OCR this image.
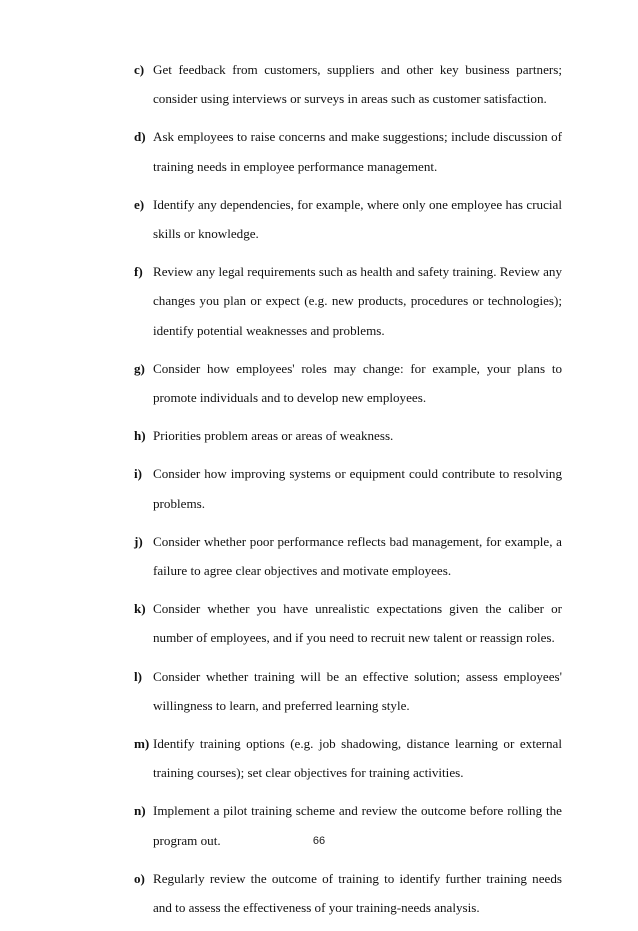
c) Get feedback from customers, suppliers and other key business partners; consider using interviews or surveys in areas such as customer satisfaction.
d) Ask employees to raise concerns and make suggestions; include discussion of training needs in employee performance management.
e) Identify any dependencies, for example, where only one employee has crucial skills or knowledge.
f) Review any legal requirements such as health and safety training. Review any changes you plan or expect (e.g. new products, procedures or technologies); identify potential weaknesses and problems.
g) Consider how employees' roles may change: for example, your plans to promote individuals and to develop new employees.
h) Priorities problem areas or areas of weakness.
i) Consider how improving systems or equipment could contribute to resolving problems.
j) Consider whether poor performance reflects bad management, for example, a failure to agree clear objectives and motivate employees.
k) Consider whether you have unrealistic expectations given the caliber or number of employees, and if you need to recruit new talent or reassign roles.
l) Consider whether training will be an effective solution; assess employees' willingness to learn, and preferred learning style.
m) Identify training options (e.g. job shadowing, distance learning or external training courses); set clear objectives for training activities.
n) Implement a pilot training scheme and review the outcome before rolling the program out.
o) Regularly review the outcome of training to identify further training needs and to assess the effectiveness of your training-needs analysis.
66
